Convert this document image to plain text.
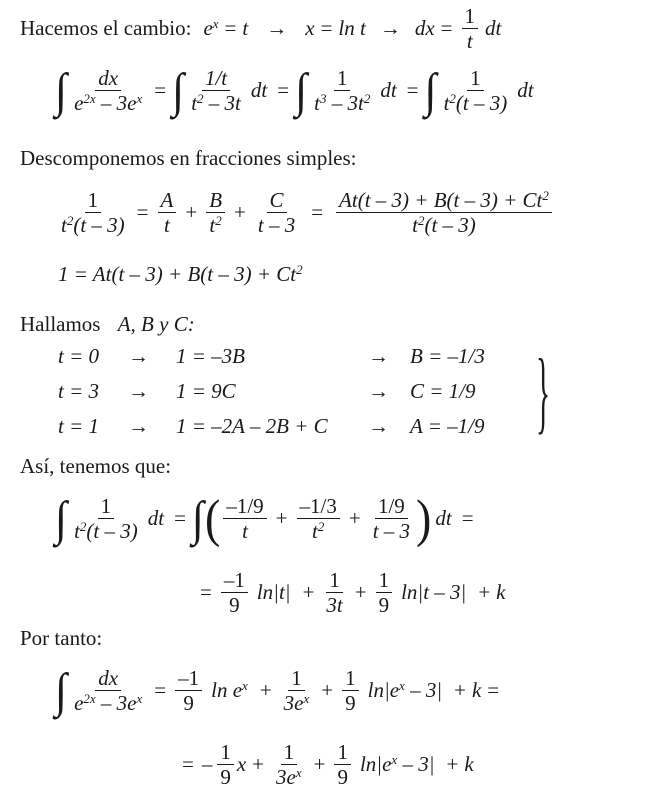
Hacemos el cambio: $e^x = t \to x = \ln t$ → dx = $\frac{1}{t}$ dt
∫ $\frac{dx}{e^{2x} - 3e^x}$ = ∫ $\frac{1/t}{t^2 - 3t}$ dt = ∫ $\frac{1}{t^3 - 3t^2}$ dt = ∫ $\frac{1}{t^2(t - 3)}$ dt
Descomponemos en fracciones simples:
$\frac{1}{t^2(t - 3)} = \frac{A}{t} + \frac{B}{t^2} + \frac{C}{t - 3} = \frac{At(t - 3) + B(t - 3) + Ct^2}{t^2(t - 3)}$
$1 = At(t - 3) + B(t - 3) + Ct^2$
Hallamos A, B y C:
t = 0 → 1 = –3B	→ B = –1/3
t = 3 → 1 = 9C	→ C = 1/9
t = 1 → 1 = –2A – 2B + C → A = –1/9 }
Así, tenemos que:
∫ $\frac{1}{t^2(t - 3)}$ dt = ∫ ( $\frac{-1/9}{t} + \frac{-1/3}{t^2} + \frac{1/9}{t - 3}$ ) dt =
= $\frac{-1}{9} \ln|t| + \frac{1}{3t} + \frac{1}{9} \ln|t - 3| + k$
Por tanto:
∫ $\frac{dx}{e^{2x} - 3e^x} = \frac{-1}{9}$ $\ln e^x + \frac{1}{3e^x} + \frac{1}{9} \ln|e^x - 3| + k$ =
= – $\frac{1}{9}$ $x + \frac{1}{3e^x} + \frac{1}{9} \ln|e^x - 3| + k$
